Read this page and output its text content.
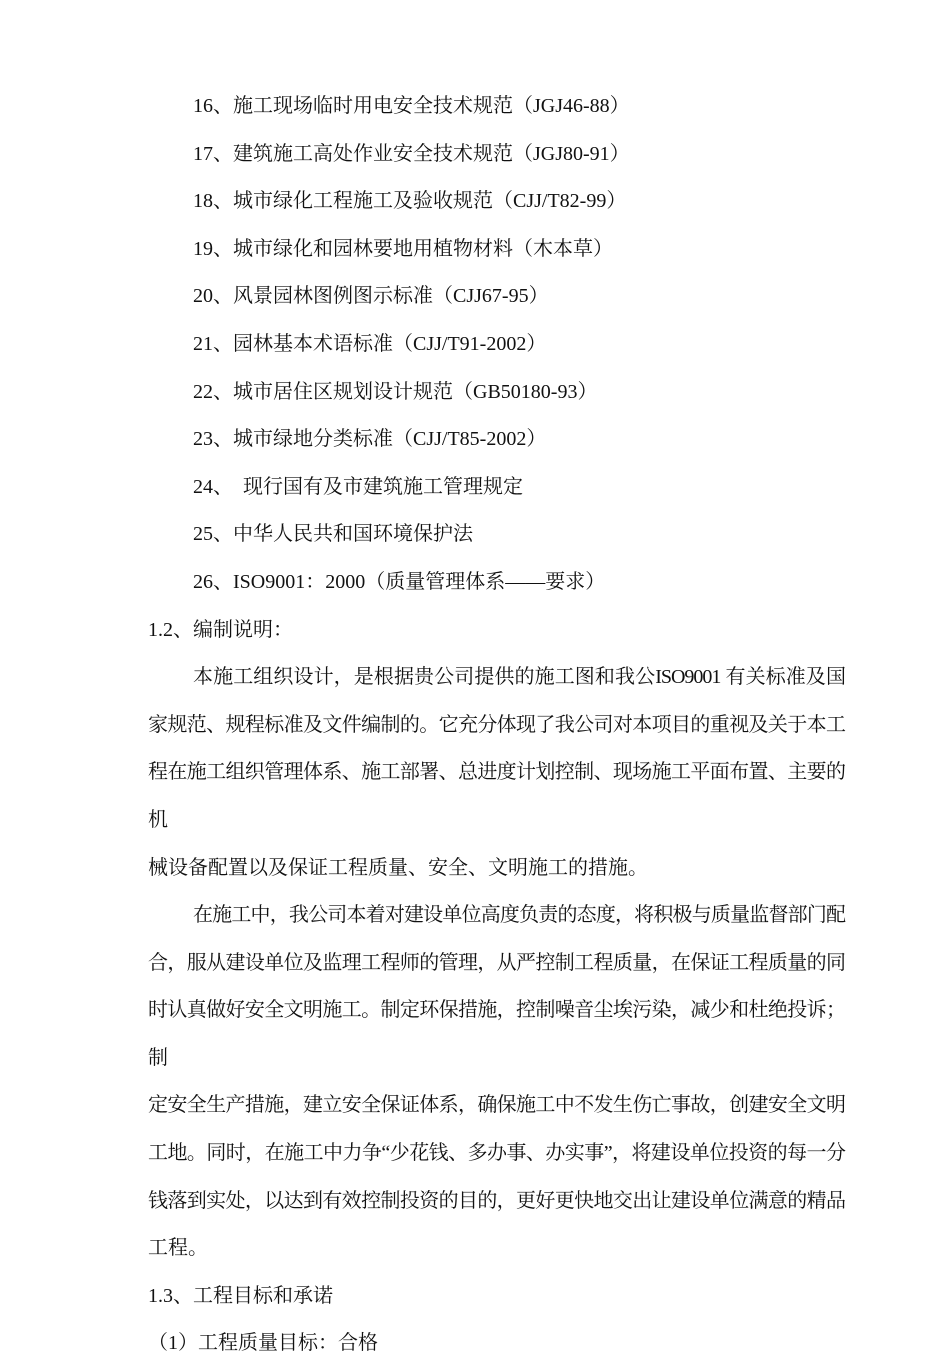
16、施工现场临时用电安全技术规范（JGJ46-88）

17、建筑施工高处作业安全技术规范（JGJ80-91）

18、城市绿化工程施工及验收规范（CJJ/T82-99）

19、城市绿化和园林要地用植物材料（木本草）

20、风景园林图例图示标准（CJJ67-95）

21、园林基本术语标准（CJJ/T91-2002）

22、城市居住区规划设计规范（GB50180-93）

23、城市绿地分类标准（CJJ/T85-2002）

24、　现行国有及市建筑施工管理规定

25、中华人民共和国环境保护法

26、ISO9001：2000（质量管理体系——要求）

1.2、编制说明：

本施工组织设计，是根据贵公司提供的施工图和我公ISO9001 有关标准及国

家规范、规程标准及文件编制的。它充分体现了我公司对本项目的重视及关于本工

程在施工组织管理体系、施工部署、总进度计划控制、现场施工平面布置、主要的机

械设备配置以及保证工程质量、安全、文明施工的措施。

在施工中，我公司本着对建设单位高度负责的态度，将积极与质量监督部门配

合，服从建设单位及监理工程师的管理，从严控制工程质量，在保证工程质量的同

时认真做好安全文明施工。制定环保措施，控制噪音尘埃污染，减少和杜绝投诉；制

定安全生产措施，建立安全保证体系，确保施工中不发生伤亡事故，创建安全文明

工地。同时，在施工中力争“少花钱、多办事、办实事”，将建设单位投资的每一分

钱落到实处，以达到有效控制投资的目的，更好更快地交出让建设单位满意的精品

工程。

1.3、工程目标和承诺

（1）工程质量目标：合格
